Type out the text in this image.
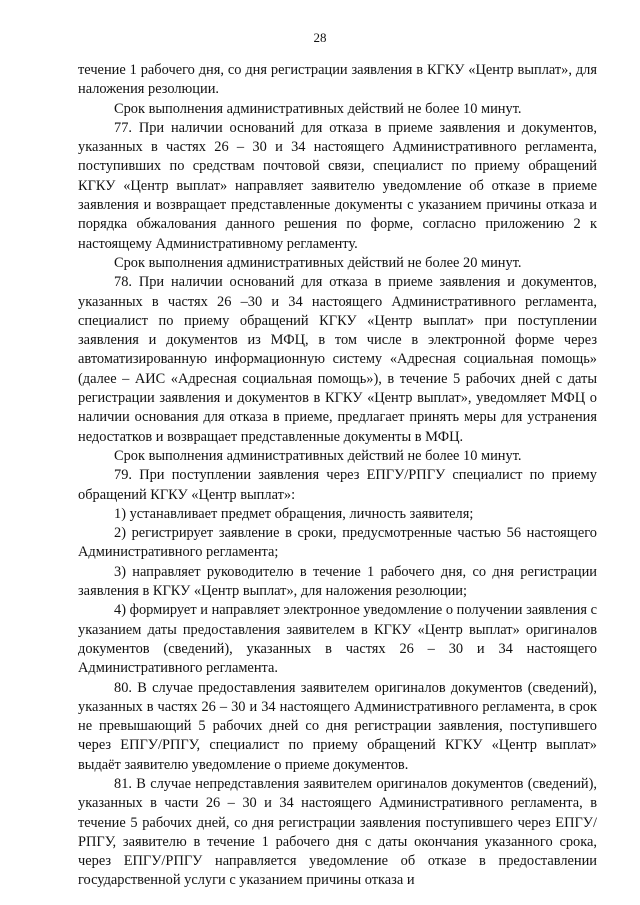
28

течение 1 рабочего дня, со дня регистрации заявления в КГКУ «Центр выплат», для наложения резолюции.

Срок выполнения административных действий не более 10 минут.

77. При наличии оснований для отказа в приеме заявления и документов, указанных в частях 26 – 30 и 34 настоящего Административного регламента, поступивших по средствам почтовой связи, специалист по приему обращений КГКУ «Центр выплат» направляет заявителю уведомление об отказе в приеме заявления и возвращает представленные документы с указанием причины отказа и порядка обжалования данного решения по форме, согласно приложению 2 к настоящему Административному регламенту.

Срок выполнения административных действий не более 20 минут.

78. При наличии оснований для отказа в приеме заявления и документов, указанных в частях 26 –30 и 34 настоящего Административного регламента, специалист по приему обращений КГКУ «Центр выплат» при поступлении заявления и документов из МФЦ, в том числе в электронной форме через автоматизированную информационную систему «Адресная социальная помощь» (далее – АИС «Адресная социальная помощь»), в течение 5 рабочих дней с даты регистрации заявления и документов в КГКУ «Центр выплат», уведомляет МФЦ о наличии основания для отказа в приеме, предлагает принять меры для устранения недостатков и возвращает представленные документы в МФЦ.

Срок выполнения административных действий не более 10 минут.

79. При поступлении заявления через ЕПГУ/РПГУ специалист по приему обращений КГКУ «Центр выплат»:

1) устанавливает предмет обращения, личность заявителя;

2) регистрирует заявление в сроки, предусмотренные частью 56 настоящего Административного регламента;

3) направляет руководителю в течение 1 рабочего дня, со дня регистрации заявления в КГКУ «Центр выплат», для наложения резолюции;

4) формирует и направляет электронное уведомление о получении заявления с указанием даты предоставления заявителем в КГКУ «Центр выплат» оригиналов документов (сведений), указанных в частях 26 – 30 и 34 настоящего Административного регламента.

80. В случае предоставления заявителем оригиналов документов (сведений), указанных в частях 26 – 30 и 34 настоящего Административного регламента, в срок не превышающий 5 рабочих дней со дня регистрации заявления, поступившего через ЕПГУ/РПГУ, специалист по приему обращений КГКУ «Центр выплат» выдаёт заявителю уведомление о приеме документов.

81. В случае непредставления заявителем оригиналов документов (сведений), указанных в части 26 – 30 и 34 настоящего Административного регламента, в течение 5 рабочих дней, со дня регистрации заявления поступившего через ЕПГУ/РПГУ, заявителю в течение 1 рабочего дня с даты окончания указанного срока, через ЕПГУ/РПГУ направляется уведомление об отказе в предоставлении государственной услуги с указанием причины отказа и
